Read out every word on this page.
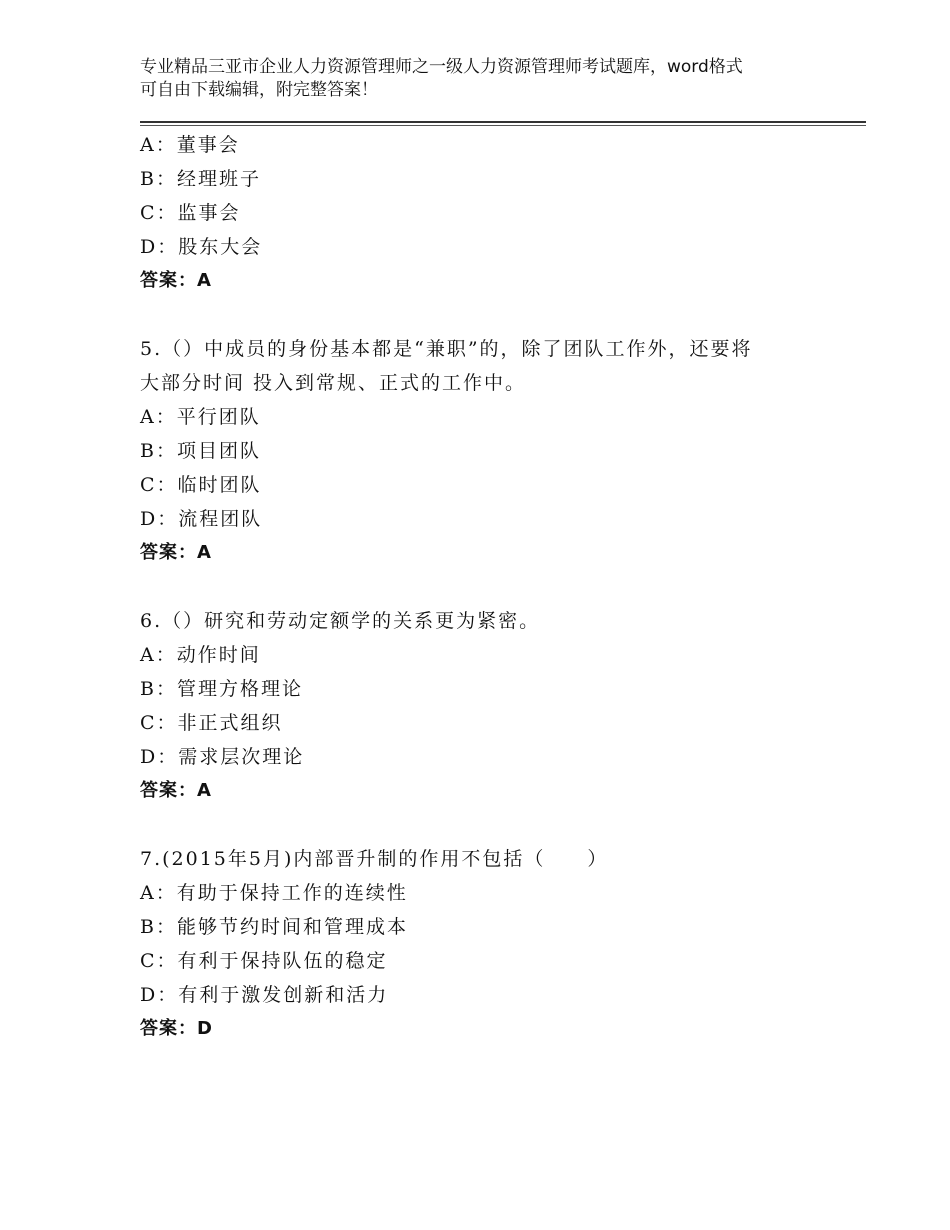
专业精品三亚市企业人力资源管理师之一级人力资源管理师考试题库，word格式
可自由下载编辑，附完整答案！
A：董事会
B：经理班子
C：监事会
D：股东大会
答案：A
5.（）中成员的身份基本都是“兼职”的，除了团队工作外，还要将
大部分时间 投入到常规、正式的工作中。
A：平行团队
B：项目团队
C：临时团队
D：流程团队
答案：A
6.（）研究和劳动定额学的关系更为紧密。
A：动作时间
B：管理方格理论
C：非正式组织
D：需求层次理论
答案：A
7.(2015年5月)内部晋升制的作用不包括（　　）
A：有助于保持工作的连续性
B：能够节约时间和管理成本
C：有利于保持队伍的稳定
D：有利于激发创新和活力
答案：D
